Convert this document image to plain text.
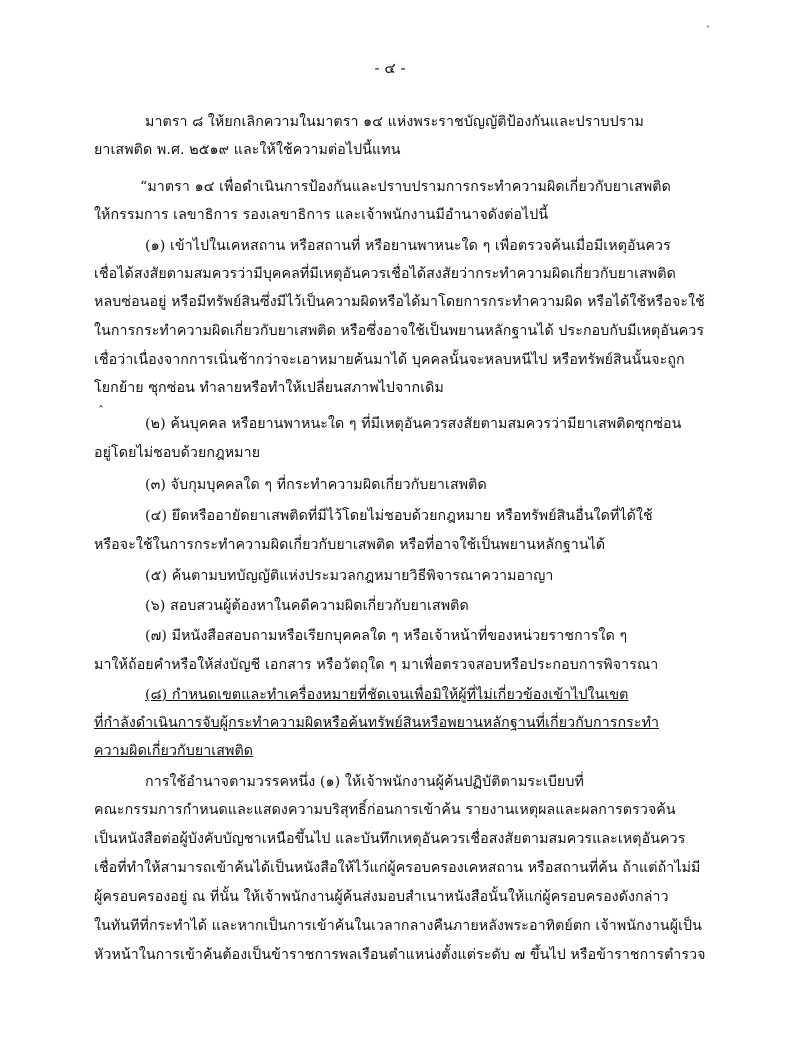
- ๔ -
ˎ
ˆ
มาตรา ๘ ให้ยกเลิกความในมาตรา ๑๔ แห่งพระราชบัญญัติป้องกันและปราบปราม
ยาเสพติด พ.ศ. ๒๕๑๙ และให้ใช้ความต่อไปนี้แทน
“มาตรา ๑๔ เพื่อดำเนินการป้องกันและปราบปรามการกระทำความผิดเกี่ยวกับยาเสพติด
ให้กรรมการ เลขาธิการ รองเลขาธิการ และเจ้าพนักงานมีอำนาจดังต่อไปนี้
(๑) เข้าไปในเคหสถาน หรือสถานที่ หรือยานพาหนะใด ๆ เพื่อตรวจค้นเมื่อมีเหตุอันควร
เชื่อได้สงสัยตามสมควรว่ามีบุคคลที่มีเหตุอันควรเชื่อได้สงสัยว่ากระทำความผิดเกี่ยวกับยาเสพติด
หลบซ่อนอยู่ หรือมีทรัพย์สินซึ่งมีไว้เป็นความผิดหรือได้มาโดยการกระทำความผิด หรือได้ใช้หรือจะใช้
ในการกระทำความผิดเกี่ยวกับยาเสพติด หรือซึ่งอาจใช้เป็นพยานหลักฐานได้ ประกอบกับมีเหตุอันควร
เชื่อว่าเนื่องจากการเนิ่นช้ากว่าจะเอาหมายค้นมาได้ บุคคลนั้นจะหลบหนีไป หรือทรัพย์สินนั้นจะถูก
โยกย้าย ซุกซ่อน ทำลายหรือทำให้เปลี่ยนสภาพไปจากเดิม
(๒) ค้นบุคคล หรือยานพาหนะใด ๆ ที่มีเหตุอันควรสงสัยตามสมควรว่ามียาเสพติดซุกซ่อน
อยู่โดยไม่ชอบด้วยกฎหมาย
(๓) จับกุมบุคคลใด ๆ ที่กระทำความผิดเกี่ยวกับยาเสพติด
(๔) ยึดหรืออายัดยาเสพติดที่มีไว้โดยไม่ชอบด้วยกฎหมาย หรือทรัพย์สินอื่นใดที่ได้ใช้
หรือจะใช้ในการกระทำความผิดเกี่ยวกับยาเสพติด หรือที่อาจใช้เป็นพยานหลักฐานได้
(๕) ค้นตามบทบัญญัติแห่งประมวลกฎหมายวิธีพิจารณาความอาญา
(๖) สอบสวนผู้ต้องหาในคดีความผิดเกี่ยวกับยาเสพติด
(๗) มีหนังสือสอบถามหรือเรียกบุคคลใด ๆ หรือเจ้าหน้าที่ของหน่วยราชการใด ๆ
มาให้ถ้อยคำหรือให้ส่งบัญชี เอกสาร หรือวัตถุใด ๆ มาเพื่อตรวจสอบหรือประกอบการพิจารณา
(๘) กำหนดเขตและทำเครื่องหมายที่ชัดเจนเพื่อมิให้ผู้ที่ไม่เกี่ยวข้องเข้าไปในเขต
ที่กำลังดำเนินการจับผู้กระทำความผิดหรือค้นทรัพย์สินหรือพยานหลักฐานที่เกี่ยวกับการกระทำ
ความผิดเกี่ยวกับยาเสพติด
การใช้อำนาจตามวรรคหนึ่ง (๑) ให้เจ้าพนักงานผู้ค้นปฏิบัติตามระเบียบที่
คณะกรรมการกำหนดและแสดงความบริสุทธิ์ก่อนการเข้าค้น รายงานเหตุผลและผลการตรวจค้น
เป็นหนังสือต่อผู้บังคับบัญชาเหนือขึ้นไป และบันทึกเหตุอันควรเชื่อสงสัยตามสมควรและเหตุอันควร
เชื่อที่ทำให้สามารถเข้าค้นได้เป็นหนังสือให้ไว้แก่ผู้ครอบครองเคหสถาน หรือสถานที่ค้น ถ้าแต่ถ้าไม่มี
ผู้ครอบครองอยู่ ณ ที่นั้น ให้เจ้าพนักงานผู้ค้นส่งมอบสำเนาหนังสือนั้นให้แก่ผู้ครอบครองดังกล่าว
ในทันทีที่กระทำได้ และหากเป็นการเข้าค้นในเวลากลางคืนภายหลังพระอาทิตย์ตก เจ้าพนักงานผู้เป็น
หัวหน้าในการเข้าค้นต้องเป็นข้าราชการพลเรือนตำแหน่งตั้งแต่ระดับ ๗ ขึ้นไป หรือข้าราชการตำรวจ
